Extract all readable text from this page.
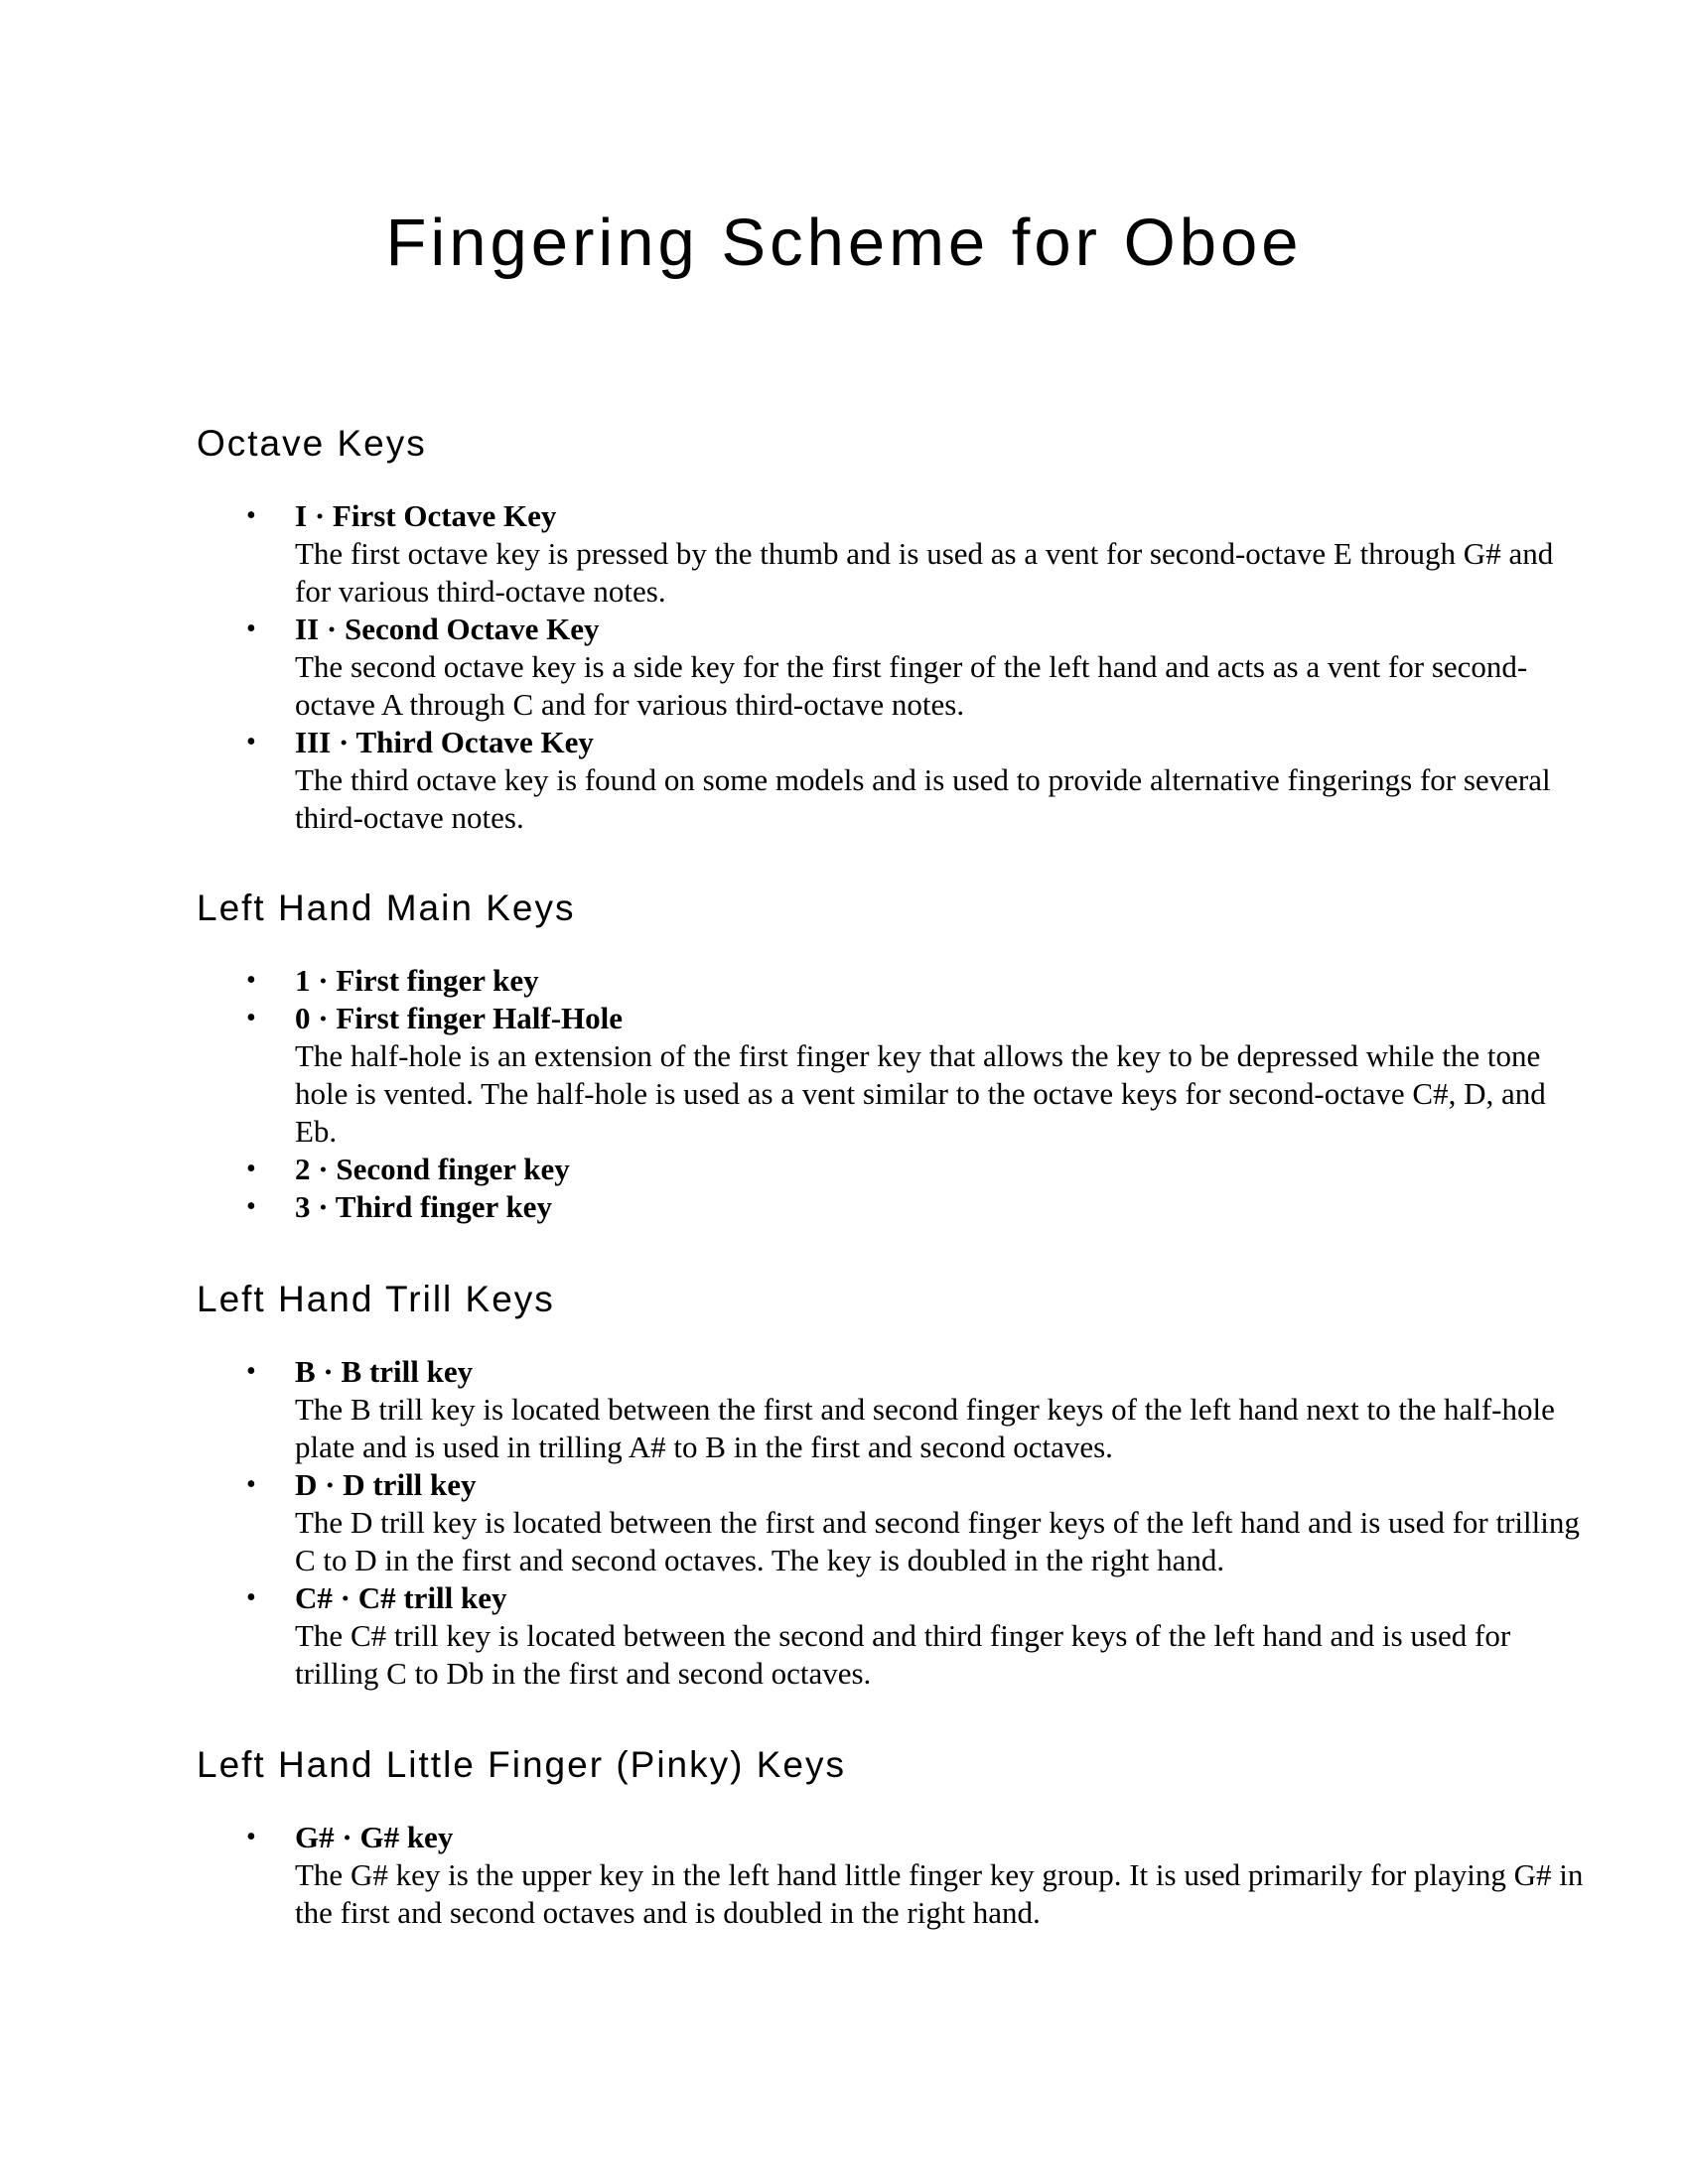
Fingering Scheme for Oboe
Octave Keys
• I · First Octave Key
The first octave key is pressed by the thumb and is used as a vent for second-octave E through G# and for various third-octave notes.
• II · Second Octave Key
The second octave key is a side key for the first finger of the left hand and acts as a vent for second-octave A through C and for various third-octave notes.
• III · Third Octave Key
The third octave key is found on some models and is used to provide alternative fingerings for several third-octave notes.
Left Hand Main Keys
• 1 · First finger key
• 0 · First finger Half-Hole
The half-hole is an extension of the first finger key that allows the key to be depressed while the tone hole is vented. The half-hole is used as a vent similar to the octave keys for second-octave C#, D, and Eb.
• 2 · Second finger key
• 3 · Third finger key
Left Hand Trill Keys
• B · B trill key
The B trill key is located between the first and second finger keys of the left hand next to the half-hole plate and is used in trilling A# to B in the first and second octaves.
• D · D trill key
The D trill key is located between the first and second finger keys of the left hand and is used for trilling C to D in the first and second octaves. The key is doubled in the right hand.
• C# · C# trill key
The C# trill key is located between the second and third finger keys of the left hand and is used for trilling C to Db in the first and second octaves.
Left Hand Little Finger (Pinky) Keys
• G# · G# key
The G# key is the upper key in the left hand little finger key group. It is used primarily for playing G# in the first and second octaves and is doubled in the right hand.
